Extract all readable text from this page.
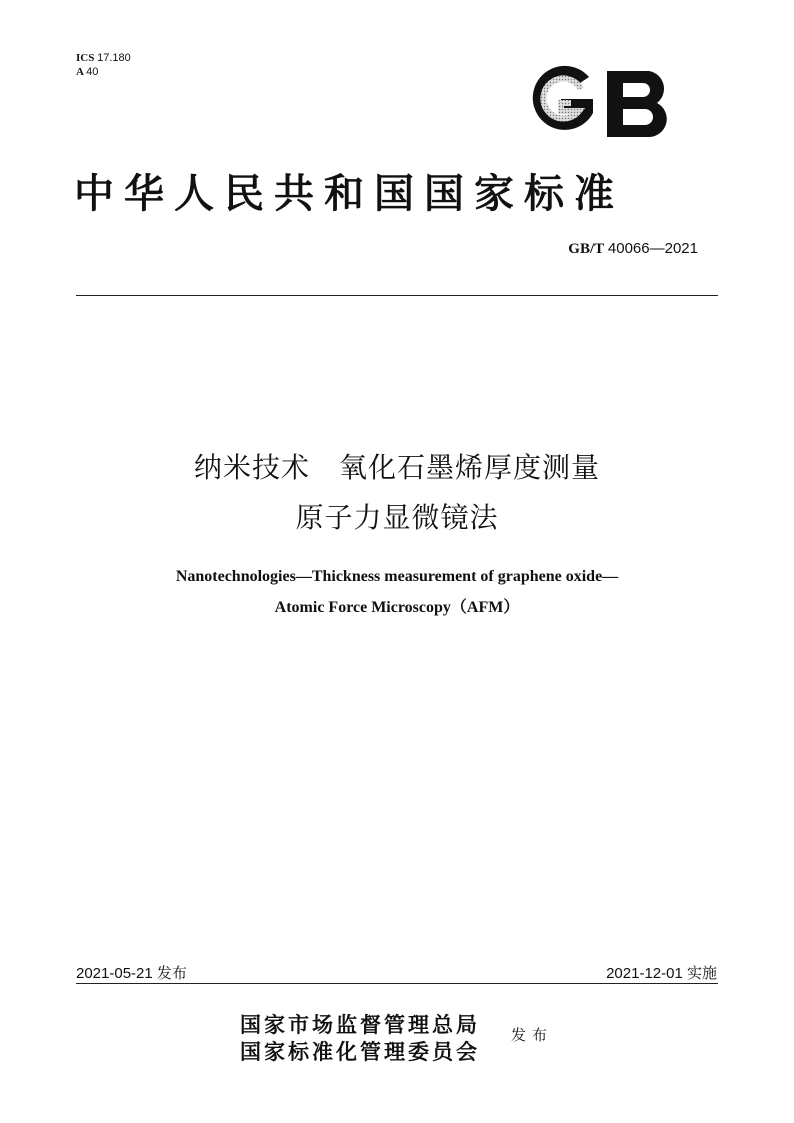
ICS 17.180
A 40
中华人民共和国国家标准
GB/T 40066—2021
纳米技术　氧化石墨烯厚度测量
原子力显微镜法
Nanotechnologies—Thickness measurement of graphene oxide—
Atomic Force Microscopy（AFM）
2021-05-21 发布	2021-12-01 实施
国家市场监督管理总局
国家标准化管理委员会
发布
